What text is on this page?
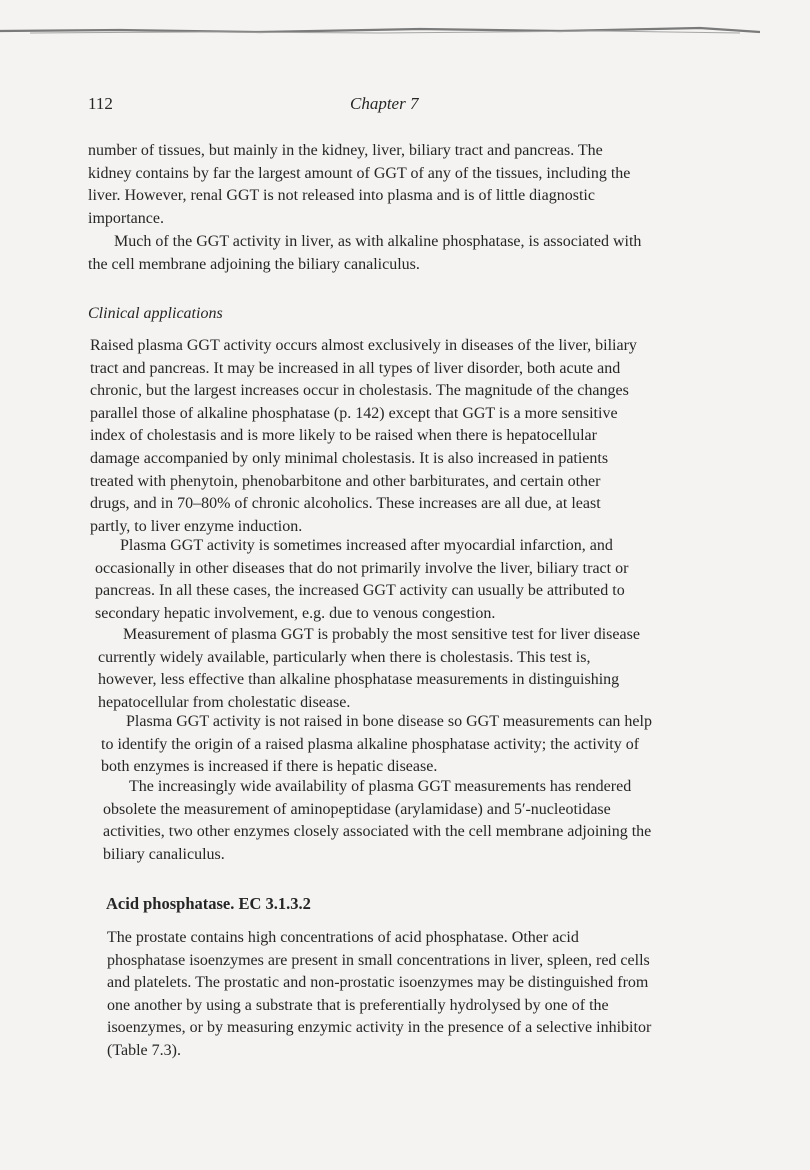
112	Chapter 7

number of tissues, but mainly in the kidney, liver, biliary tract and pancreas. The
kidney contains by far the largest amount of GGT of any of the tissues, including the
liver. However, renal GGT is not released into plasma and is of little diagnostic
importance.

Much of the GGT activity in liver, as with alkaline phosphatase, is associated with
the cell membrane adjoining the biliary canaliculus.

Clinical applications

Raised plasma GGT activity occurs almost exclusively in diseases of the liver, biliary
tract and pancreas. It may be increased in all types of liver disorder, both acute and
chronic, but the largest increases occur in cholestasis. The magnitude of the changes
parallel those of alkaline phosphatase (p. 142) except that GGT is a more sensitive
index of cholestasis and is more likely to be raised when there is hepatocellular
damage accompanied by only minimal cholestasis. It is also increased in patients
treated with phenytoin, phenobarbitone and other barbiturates, and certain other
drugs, and in 70–80% of chronic alcoholics. These increases are all due, at least
partly, to liver enzyme induction.

Plasma GGT activity is sometimes increased after myocardial infarction, and
occasionally in other diseases that do not primarily involve the liver, biliary tract or
pancreas. In all these cases, the increased GGT activity can usually be attributed to
secondary hepatic involvement, e.g. due to venous congestion.

Measurement of plasma GGT is probably the most sensitive test for liver disease
currently widely available, particularly when there is cholestasis. This test is,
however, less effective than alkaline phosphatase measurements in distinguishing
hepatocellular from cholestatic disease.

Plasma GGT activity is not raised in bone disease so GGT measurements can help
to identify the origin of a raised plasma alkaline phosphatase activity; the activity of
both enzymes is increased if there is hepatic disease.

The increasingly wide availability of plasma GGT measurements has rendered
obsolete the measurement of aminopeptidase (arylamidase) and 5′-nucleotidase
activities, two other enzymes closely associated with the cell membrane adjoining the
biliary canaliculus.

Acid phosphatase. EC 3.1.3.2

The prostate contains high concentrations of acid phosphatase. Other acid
phosphatase isoenzymes are present in small concentrations in liver, spleen, red cells
and platelets. The prostatic and non-prostatic isoenzymes may be distinguished from
one another by using a substrate that is preferentially hydrolysed by one of the
isoenzymes, or by measuring enzymic activity in the presence of a selective inhibitor
(Table 7.3).
